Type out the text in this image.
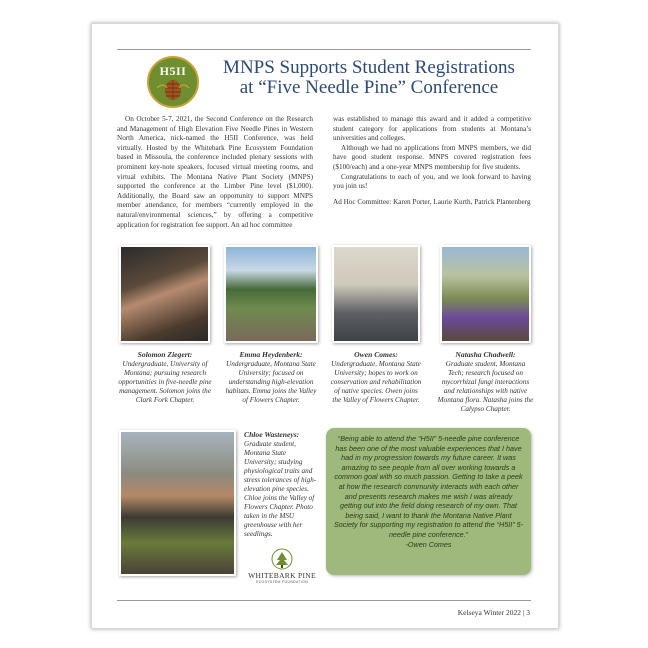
H5II	MNPS Supports Student Registrations
at “Five Needle Pine” Conference

On October 5-7, 2021, the Second Conference on the Research and Management of High Elevation Five Needle Pines in Western North America, nick-named the H5II Conference, was held virtually. Hosted by the Whitebark Pine Ecosystem Foundation based in Missoula, the conference included plenary sessions with prominent key-note speakers, focused virtual meeting rooms, and virtual exhibits. The Montana Native Plant Society (MNPS) supported the conference at the Limber Pine level ($1,000). Additionally, the Board saw an opportunity to support MNPS member attendance, for members “currently employed in the natural/environmental sciences,” by offering a competitive application for registration fee support. An ad hoc committee

was established to manage this award and it added a competitive student category for applications from students at Montana’s universities and colleges.

Although we had no applications from MNPS members, we did have good student response. MNPS covered registration fees ($100/each) and a one-year MNPS membership for five students.

Congratulations to each of you, and we look forward to having you join us!

Ad Hoc Committee: Karen Porter, Laurie Kurth, Patrick Plantenberg

Solomon Ziegert:
Undergraduate, University of Montana; pursuing research opportunities in five-needle pine management. Solomon joins the Clark Fork Chapter.
Emma Heydenberk:
Undergraduate, Montana State University; focused on understanding high-elevation habitats. Emma joins the Valley of Flowers Chapter.
Owen Comes:
Undergraduate, Montana State University; hopes to work on conservation and rehabilitation of native species. Owen joins the Valley of Flowers Chapter.
Natasha Chadwell:
Graduate student, Montana Tech; research focused on mycorrhizal fungi interactions and relationships with native Montana flora. Natasha joins the Calypso Chapter.
Chloe Wasteneys:
Graduate student, Montana State University; studying physiological traits and stress tolerances of high-elevation pine species. Chloe joins the Valley of Flowers Chapter. Photo taken in the MSU greenhouse with her seedlings.
WHITEBARK PINE
ECOSYSTEM FOUNDATION
“Being able to attend the “H5II” 5-needle pine conference has been one of the most valuable experiences that I have had in my progression towards my future career. It was amazing to see people from all over working towards a common goal with so much passion. Getting to take a peek at how the research community interacts with each other and presents research makes me wish I was already getting out into the field doing research of my own. That being said, I want to thank the Montana Native Plant Society for supporting my registration to attend the “H5II” 5-needle pine conference.”
-Owen Comes
Kelseya Winter 2022 | 3
